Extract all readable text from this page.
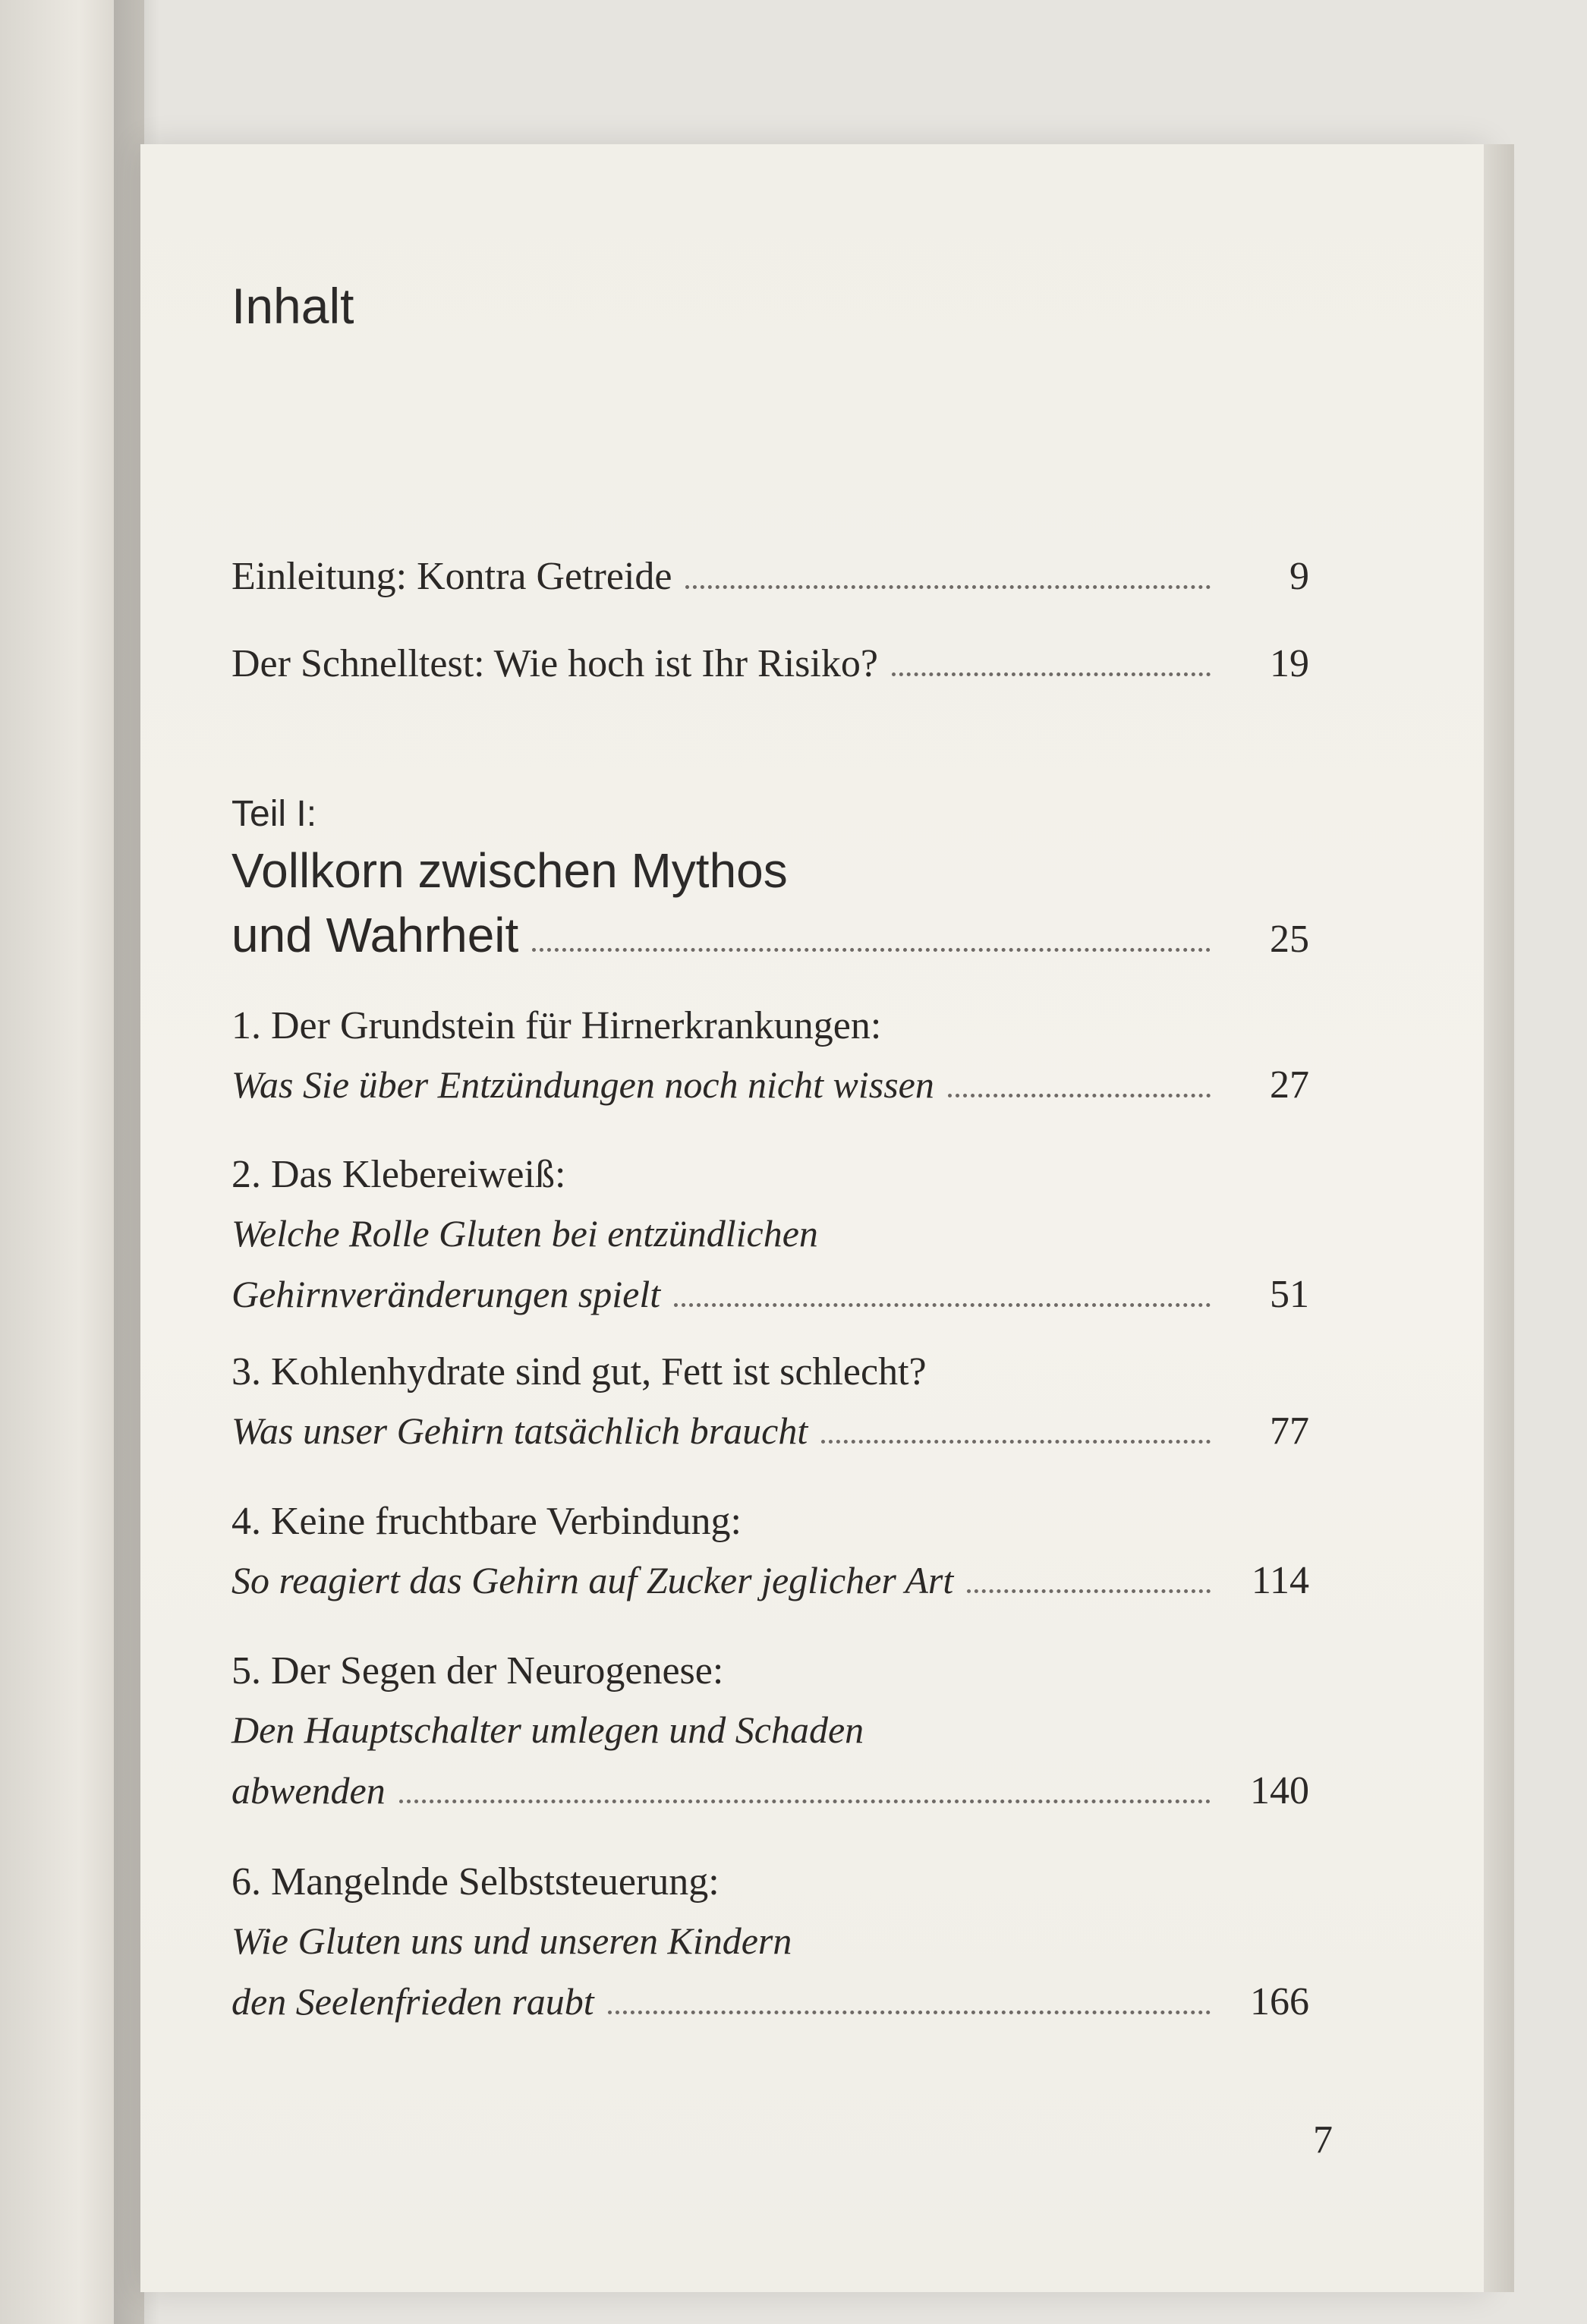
Inhalt
Einleitung: Kontra Getreide	9
Der Schnelltest: Wie hoch ist Ihr Risiko?	19
Teil I:
Vollkorn zwischen Mythos
und Wahrheit	25
1. Der Grundstein für Hirnerkrankungen:
Was Sie über Entzündungen noch nicht wissen	27
2. Das Klebereiweiß:
Welche Rolle Gluten bei entzündlichen
Gehirnveränderungen spielt	51
3. Kohlenhydrate sind gut, Fett ist schlecht?
Was unser Gehirn tatsächlich braucht	77
4. Keine fruchtbare Verbindung:
So reagiert das Gehirn auf Zucker jeglicher Art	114
5. Der Segen der Neurogenese:
Den Hauptschalter umlegen und Schaden
abwenden	140
6. Mangelnde Selbststeuerung:
Wie Gluten uns und unseren Kindern
den Seelenfrieden raubt	166
7
